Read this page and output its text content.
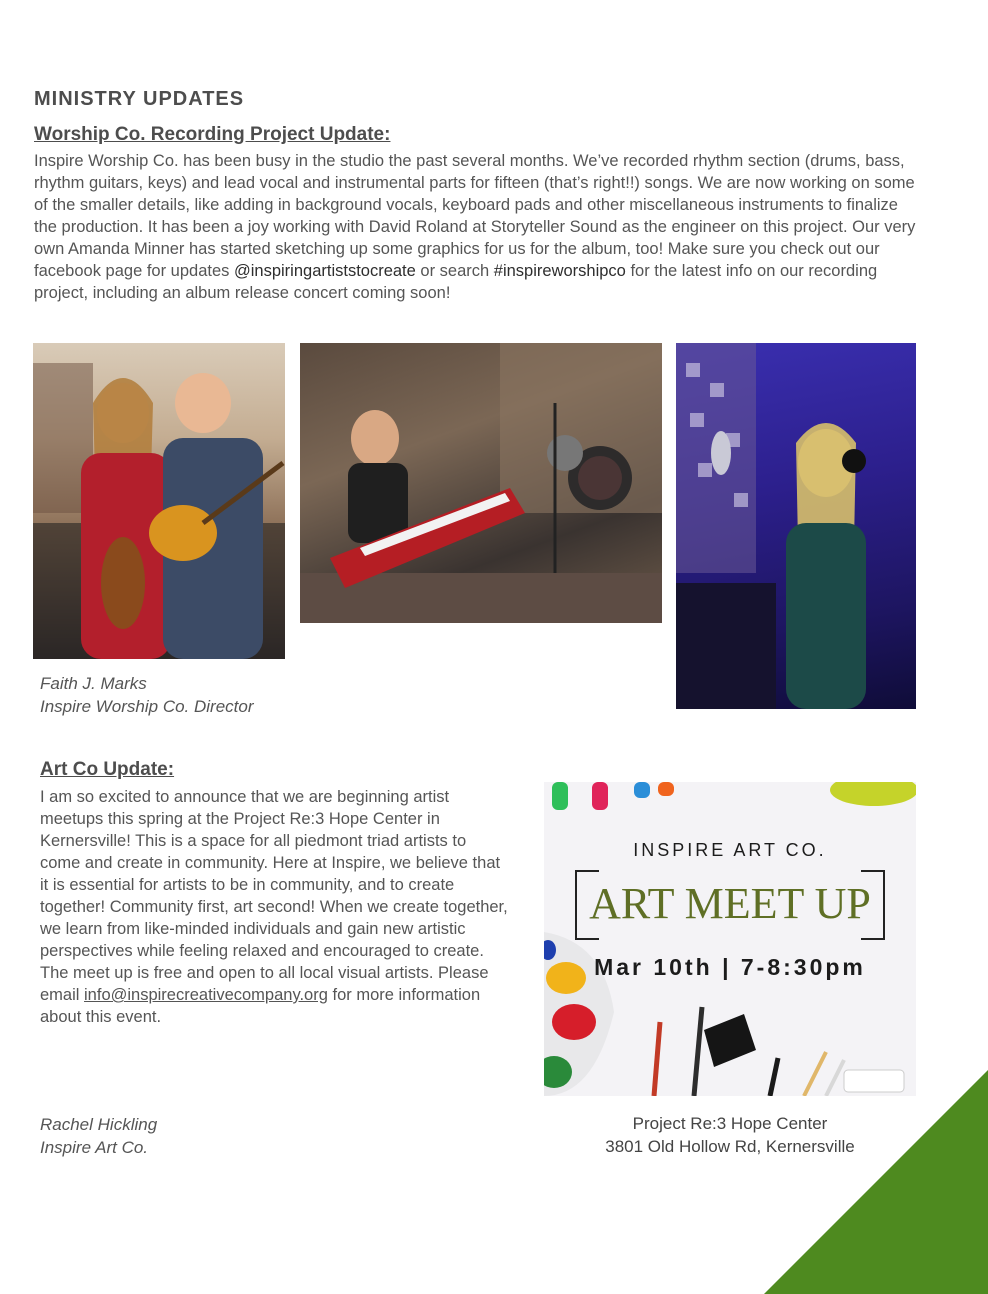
MINISTRY UPDATES
Worship Co. Recording Project Update:

Inspire Worship Co. has been busy in the studio the past several months. We’ve recorded rhythm section (drums, bass, rhythm guitars, keys) and lead vocal and instrumental parts for fifteen (that’s right!!) songs. We are now working on some of the smaller details, like adding in background vocals, keyboard pads and other miscellaneous instruments to finalize the production. It has been a joy working with David Roland at Storyteller Sound as the engineer on this project. Our very own Amanda Minner has started sketching up some graphics for us for the album, too! Make sure you check out our facebook page for updates @inspiringartiststocreate or search #inspireworshipco for the latest info on our recording project, including an album release concert coming soon!

Faith J. Marks
Inspire Worship Co. Director

Art Co Update:

I am so excited to announce that we are beginning artist meetups this spring at the Project Re:3 Hope Center in Kernersville! This is a space for all piedmont triad artists to come and create in community. Here at Inspire, we believe that it is essential for artists to be in community, and to create together! Community first, art second! When we create together, we learn from like-minded individuals and gain new artistic perspectives while feeling relaxed and encouraged to create. The meet up is free and open to all local visual artists. Please email info@inspirecreativecompany.org for more information about this event.

INSPIRE ART CO.
ART MEET UP
Mar 10th | 7-8:30pm

Rachel Hickling
Inspire Art Co.

Project Re:3 Hope Center
3801 Old Hollow Rd, Kernersville
